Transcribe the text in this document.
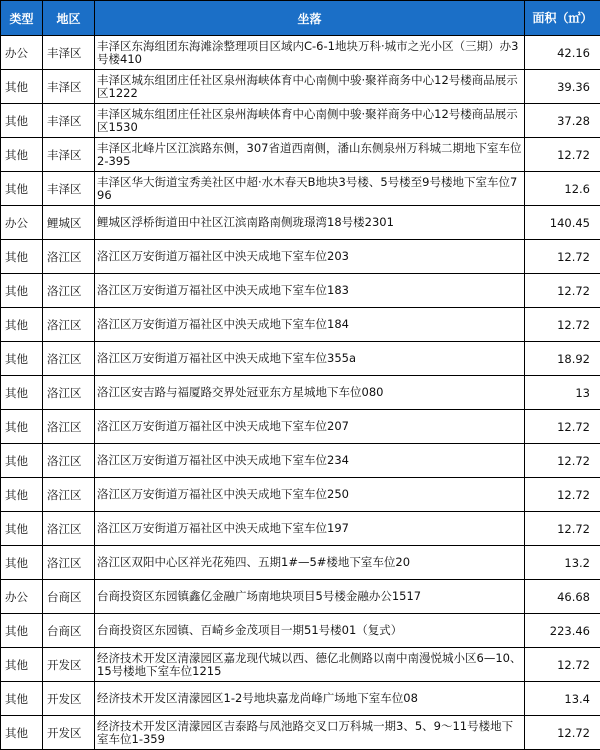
类型	地区	坐落	面积（㎡）

办公	丰泽区	丰泽区东海组团东海滩涂整理项目区域内C-6-1地块万科·城市之光小区（三期）办3号楼410	42.16
其他	丰泽区	丰泽区城东组团庄任社区泉州海峡体育中心南侧中骏·聚祥商务中心12号楼商品展示区1222	39.36
其他	丰泽区	丰泽区城东组团庄任社区泉州海峡体育中心南侧中骏·聚祥商务中心12号楼商品展示区1530	37.28
其他	丰泽区	丰泽区北峰片区江滨路东侧，307省道西南侧，潘山东侧泉州万科城二期地下室车位2-395	12.72
其他	丰泽区	丰泽区华大街道宝秀美社区中超·水木春天B地块3号楼、5号楼至9号楼地下室车位796	12.6
办公	鲤城区	鲤城区浮桥街道田中社区江滨南路南侧珑璟湾18号楼2301	140.45
其他	洛江区	洛江区万安街道万福社区中泱天成地下室车位203	12.72
其他	洛江区	洛江区万安街道万福社区中泱天成地下室车位183	12.72
其他	洛江区	洛江区万安街道万福社区中泱天成地下室车位184	12.72
其他	洛江区	洛江区万安街道万福社区中泱天成地下室车位355a	18.92
其他	洛江区	洛江区安吉路与福厦路交界处冠亚东方星城地下车位080	13
其他	洛江区	洛江区万安街道万福社区中泱天成地下室车位207	12.72
其他	洛江区	洛江区万安街道万福社区中泱天成地下室车位234	12.72
其他	洛江区	洛江区万安街道万福社区中泱天成地下室车位250	12.72
其他	洛江区	洛江区万安街道万福社区中泱天成地下室车位197	12.72
其他	洛江区	洛江区双阳中心区祥光花苑四、五期1#—5#楼地下室车位20	13.2
办公	台商区	台商投资区东园镇鑫亿金融广场南地块项目5号楼金融办公1517	46.68
其他	台商区	台商投资区东园镇、百崎乡金茂项目一期51号楼01（复式）	223.46
其他	开发区	经济技术开发区清濛园区嘉龙现代城以西、德亿北侧路以南中南漫悦城小区6—10、15号楼地下室车位1215	12.72
其他	开发区	经济技术开发区清濛园区1-2号地块嘉龙尚峰广场地下室车位08	13.4
其他	开发区	经济技术开发区清濛园区吉泰路与凤池路交叉口万科城一期3、5、9～11号楼地下室车位1-359	12.72
